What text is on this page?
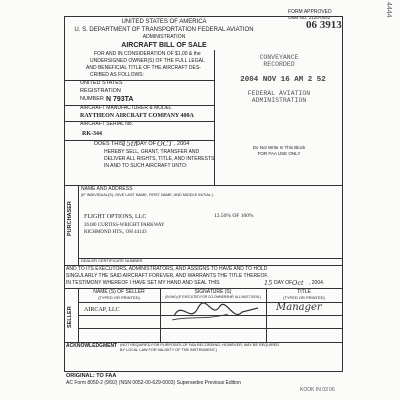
4444
FORM APPROVED
OMB NO. 2120-0042
06 3913
UNITED STATES OF AMERICA
U. S. DEPARTMENT OF TRANSPORTATION FEDERAL AVIATION
ADMINISTRATION
AIRCRAFT BILL OF SALE
FOR AND IN CONSIDERATION OF $1.00 & the
UNDERSIGNED OWNER(S) OF THE FULL LEGAL
AND BENEFICIAL TITLE OF THE AIRCRAFT DES-
CRIBED AS FOLLOWS:
UNITED STATES
REGISTRATION
NUMBER N 793TA
AIRCRAFT MANUFACTURER & MODEL
RAYTHEON AIRCRAFT COMPANY 400A
AIRCRAFT SERIAL No.
RK-344
DOES THIS
15th
DAY OF OCT , 2004
HEREBY SELL, GRANT, TRANSFER AND
DELIVER ALL RIGHTS, TITLE, AND INTERESTS
IN AND TO SUCH AIRCRAFT UNTO:
CONVEYANCE
RECORDED
2004 NOV 16 AM 2 52
FEDERAL AVIATION
ADMINISTRATION
Do Not Write In This Block
FOR FAA USE ONLY
PURCHASER
NAME AND ADDRESS
(IF INDIVIDUAL(S), GIVE LAST NAME, FIRST NAME, AND MIDDLE INITIAL.)
FLIGHT OPTIONS, LLC
26180 CURTISS-WRIGHT PARKWAY
RICHMOND HTS., OH 44143
12.50% OF 100%
DEALER CERTIFICATE NUMBER
AND TO ITS EXECUTORS, ADMINISTRATORS, AND ASSIGNS TO HAVE AND TO HOLD
SINGULARLY THE SAID AIRCRAFT FOREVER, AND WARRANTS THE TITLE THEREOF.
IN TESTIMONY WHEREOF I HAVE SET MY HAND AND SEAL THIS	15 DAY OF Oct , 2004.
SELLER
NAME (S) OF SELLER
(TYPED OR PRINTED)
SIGNATURE (S)
(IN INK) (IF EXECUTED FOR CO-OWNERSHIP, ALL MUST SIGN.)
TITLE
(TYPED OR PRINTED)
AIRCAP, LLC	Manager
ACKNOWLEDGMENT (NOT REQUIRED FOR PURPOSES OF FAA RECORDING: HOWEVER, MAY BE REQUIRED
BY LOCAL LAW FOR VALIDITY OF THE INSTRUMENT.)
ORIGINAL: TO FAA
AC Form 8050-2 (9/92) (NSN 0052-00-629-0003) Supersedes Previous Edition
KOOK IN 03 06
